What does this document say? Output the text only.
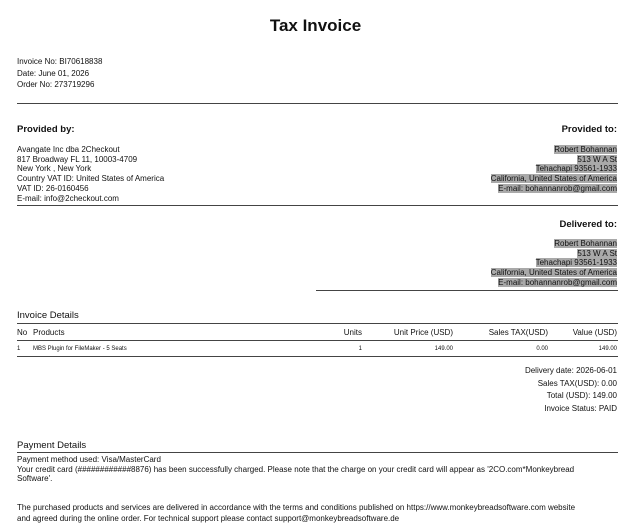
Tax Invoice
Invoice No: BI70618838
Date: June 01, 2026
Order No: 273719296
Provided by:
Avangate Inc dba 2Checkout
817 Broadway FL 11, 10003-4709
New York , New York
Country VAT ID: United States of America
VAT ID: 26-0160456
E-mail: info@2checkout.com
Provided to:
Robert Bohannan
513 W A St
Tehachapi 93561-1933
California, United States of America
E-mail: bohannanrob@gmail.com
Delivered to:
Robert Bohannan
513 W A St
Tehachapi 93561-1933
California, United States of America
E-mail: bohannanrob@gmail.com
Invoice Details
No Products	Units	Unit Price (USD)	Sales TAX(USD)	Value (USD)
1 MBS Plugin for FileMaker - 5 Seats	1	149.00	0.00	149.00
Delivery date: 2026-06-01
Sales TAX(USD): 0.00
Total (USD): 149.00
Invoice Status: PAID
Payment Details
Payment method used: Visa/MasterCard
Your credit card (############8876) has been successfully charged. Please note that the charge on your credit card will appear as '2CO.com*Monkeybread
Software'.
The purchased products and services are delivered in accordance with the terms and conditions published on https://www.monkeybreadsoftware.com website
and agreed during the online order. For technical support please contact support@monkeybreadsoftware.de
